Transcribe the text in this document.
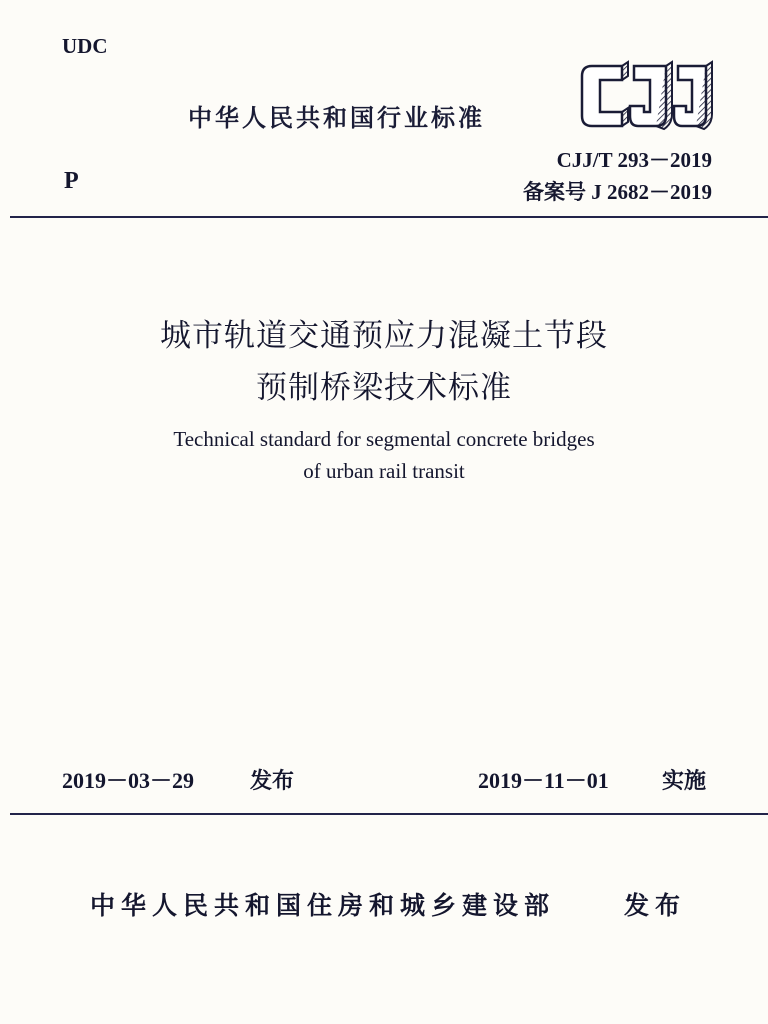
UDC
P
中华人民共和国行业标准	CJJ
CJJ/T 293－2019
备案号 J 2682－2019
城市轨道交通预应力混凝土节段
预制桥梁技术标准
Technical standard for segmental concrete bridges
of urban rail transit
2019－03－29	发布	2019－11－01 实施
中华人民共和国住房和城乡建设部	发布
